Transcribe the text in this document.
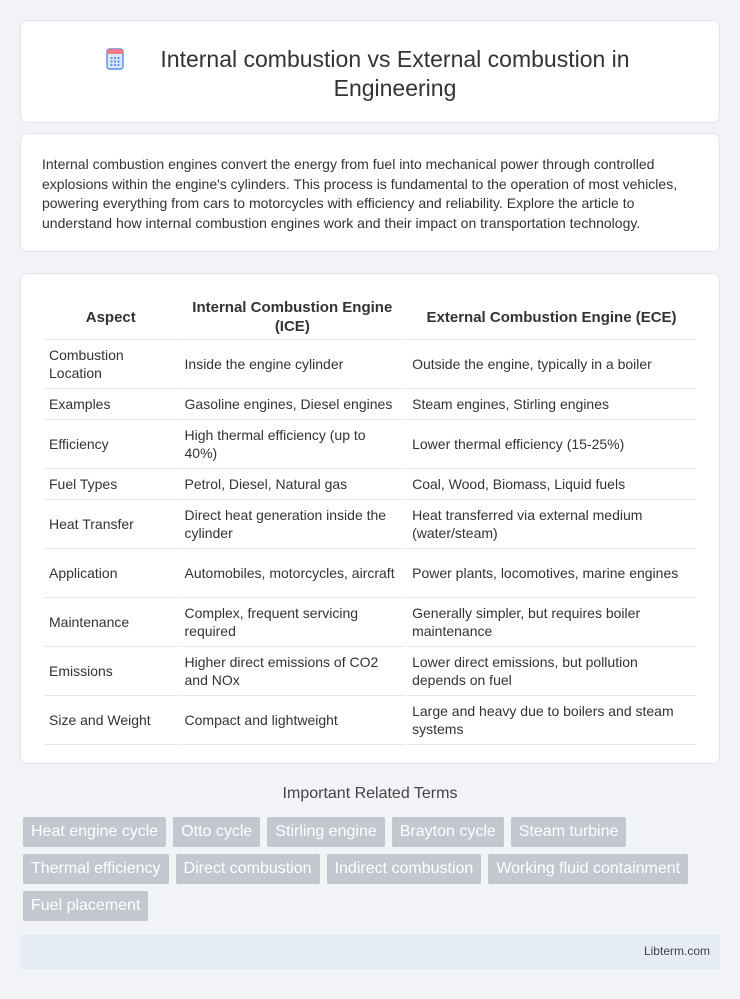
Internal combustion vs External combustion in Engineering

Internal combustion engines convert the energy from fuel into mechanical power through controlled explosions within the engine's cylinders. This process is fundamental to the operation of most vehicles, powering everything from cars to motorcycles with efficiency and reliability. Explore the article to understand how internal combustion engines work and their impact on transportation technology.

Aspect	Internal Combustion Engine (ICE)	External Combustion Engine (ECE)
Combustion Location	Inside the engine cylinder	Outside the engine, typically in a boiler
Examples	Gasoline engines, Diesel engines	Steam engines, Stirling engines
Efficiency	High thermal efficiency (up to 40%)	Lower thermal efficiency (15-25%)
Fuel Types	Petrol, Diesel, Natural gas	Coal, Wood, Biomass, Liquid fuels
Heat Transfer	Direct heat generation inside the cylinder	Heat transferred via external medium (water/steam)
Application	Automobiles, motorcycles, aircraft	Power plants, locomotives, marine engines
Maintenance	Complex, frequent servicing required	Generally simpler, but requires boiler maintenance
Emissions	Higher direct emissions of CO2 and NOx	Lower direct emissions, but pollution depends on fuel
Size and Weight	Compact and lightweight	Large and heavy due to boilers and steam systems
Important Related Terms
Heat engine cycle	Otto cycle	Stirling engine	Brayton cycle	Steam turbine
Thermal efficiency	Direct combustion	Indirect combustion	Working fluid containment
Fuel placement
Libterm.com
